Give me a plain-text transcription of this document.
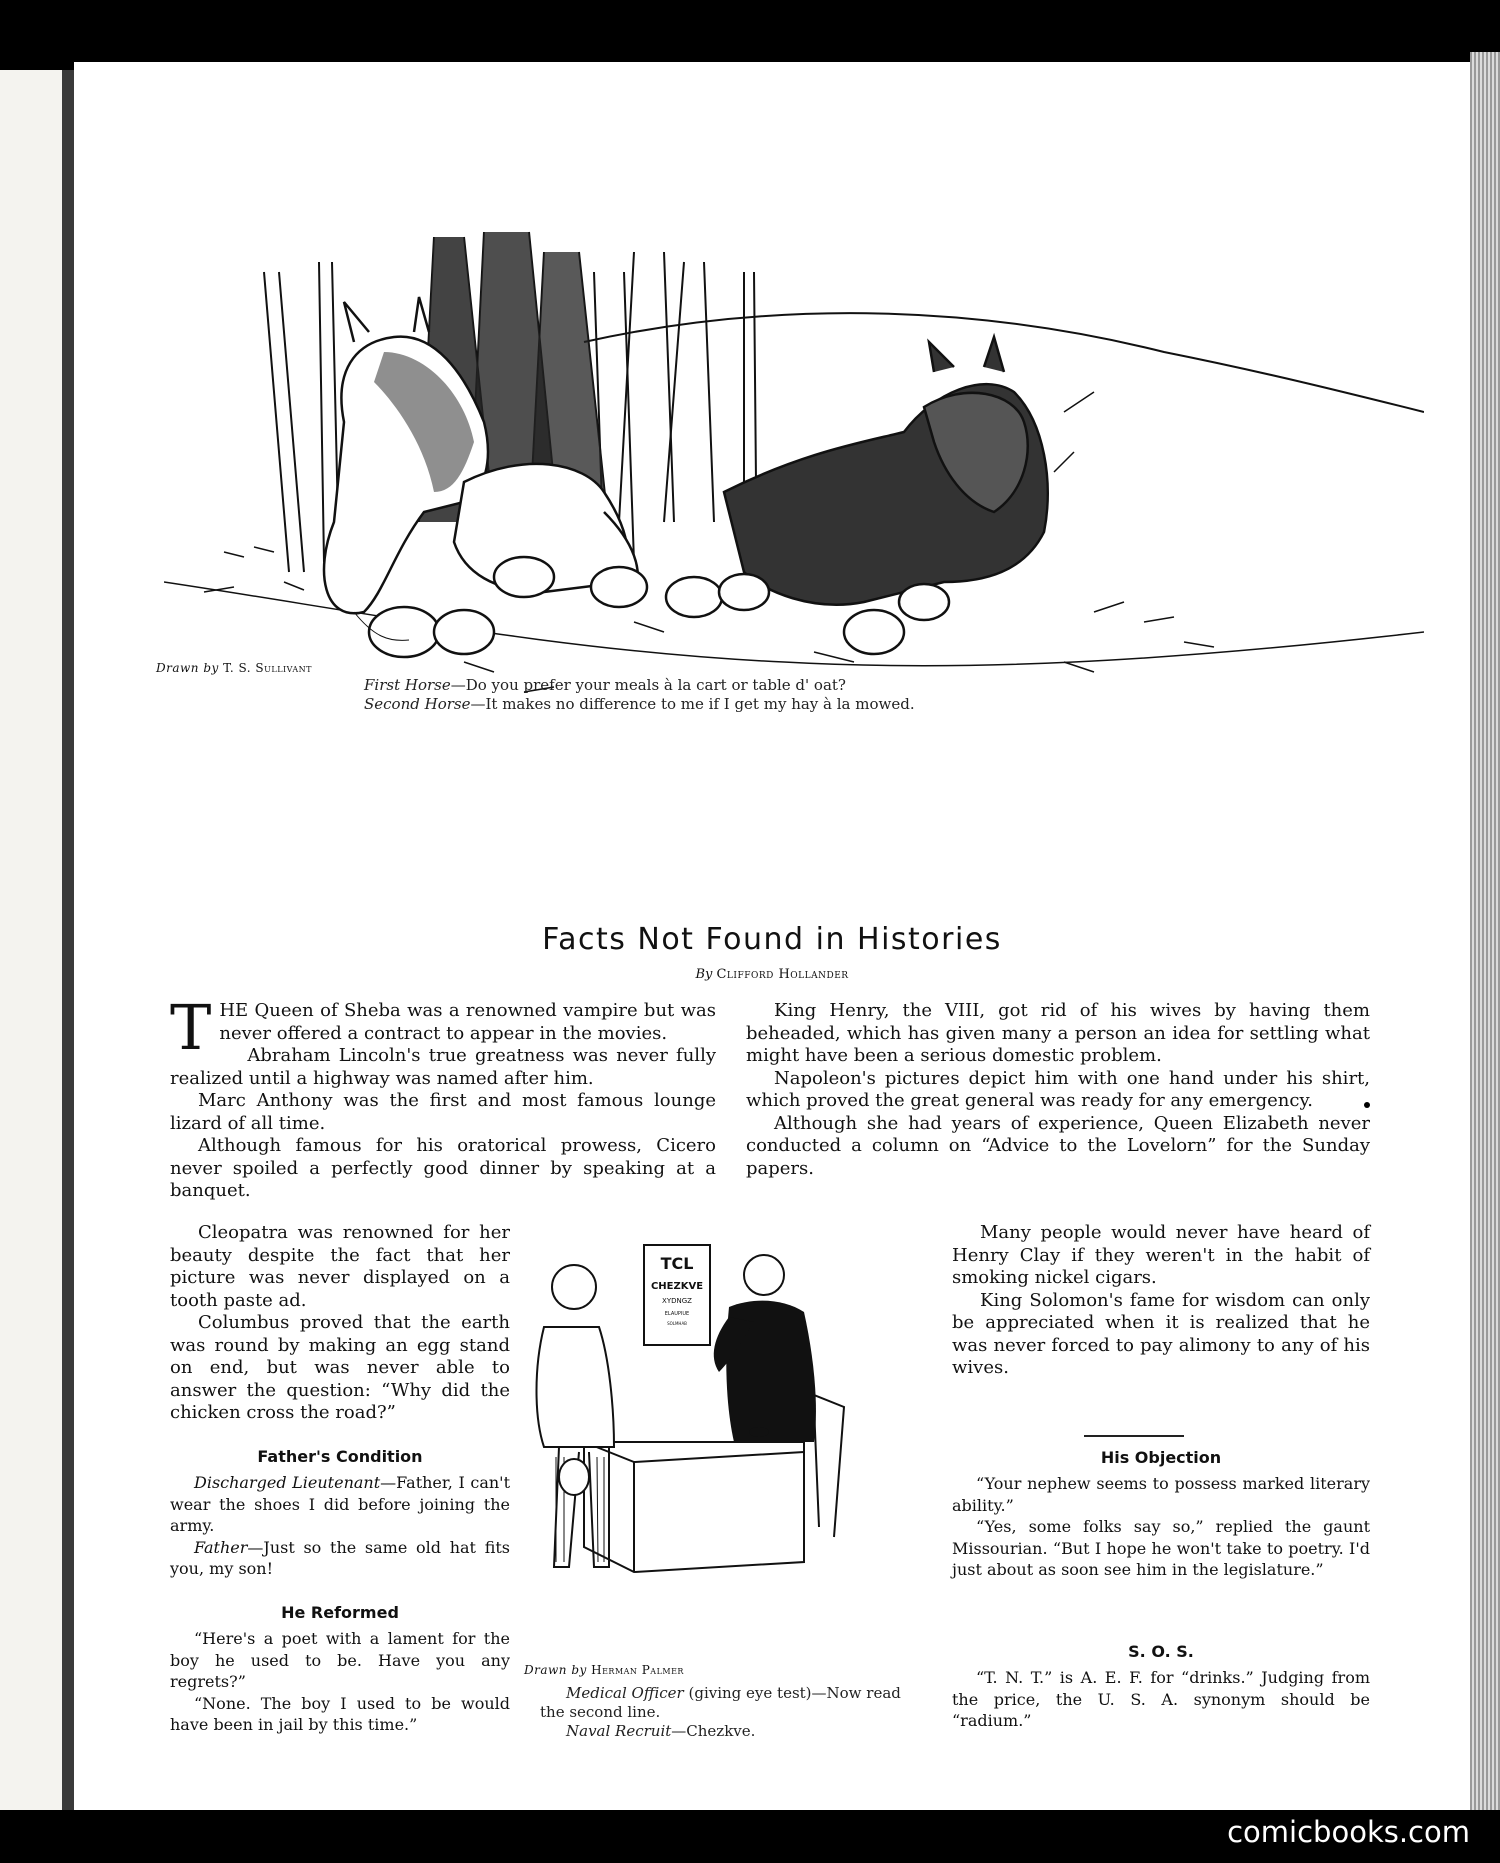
Drawn by T. S. Sullivant
First Horse—Do you prefer your meals à la cart or table d' oat?
Second Horse—It makes no difference to me if I get my hay à la mowed.
Facts Not Found in Histories
By Clifford Hollander

THE Queen of Sheba was a renowned vampire but was never offered a contract to appear in the movies.

Abraham Lincoln's true greatness was never fully realized until a highway was named after him.

Marc Anthony was the first and most famous lounge lizard of all time.

Although famous for his oratorical prowess, Cicero never spoiled a perfectly good dinner by speaking at a banquet.

Cleopatra was renowned for her beauty despite the fact that her picture was never displayed on a tooth paste ad.

Columbus proved that the earth was round by making an egg stand on end, but was never able to answer the question: “Why did the chicken cross the road?”

King Henry, the VIII, got rid of his wives by having them beheaded, which has given many a person an idea for settling what might have been a serious domestic problem.

Napoleon's pictures depict him with one hand under his shirt, which proved the great general was ready for any emergency.

Although she had years of experience, Queen Elizabeth never conducted a column on “Advice to the Lovelorn” for the Sunday papers.

Many people would never have heard of Henry Clay if they weren't in the habit of smoking nickel cigars.

King Solomon's fame for wisdom can only be appreciated when it is realized that he was never forced to pay alimony to any of his wives.

TCL
CHEZKVE
XYDNGZ
ELAUPIUE
SOLMHAB
Drawn by Herman Palmer
Medical Officer (giving eye test)—Now read the second line.
Naval Recruit—Chezkve.
Father's Condition

Discharged Lieutenant—Father, I can't wear the shoes I did before joining the army.

Father—Just so the same old hat fits you, my son!

He Reformed

“Here's a poet with a lament for the boy he used to be. Have you any regrets?”

“None. The boy I used to be would have been in jail by this time.”

His Objection

“Your nephew seems to possess marked literary ability.”

“Yes, some folks say so,” replied the gaunt Missourian. “But I hope he won't take to poetry. I'd just about as soon see him in the legislature.”

S. O. S.

“T. N. T.” is A. E. F. for “drinks.” Judging from the price, the U. S. A. synonym should be “radium.”

comicbooks.com
